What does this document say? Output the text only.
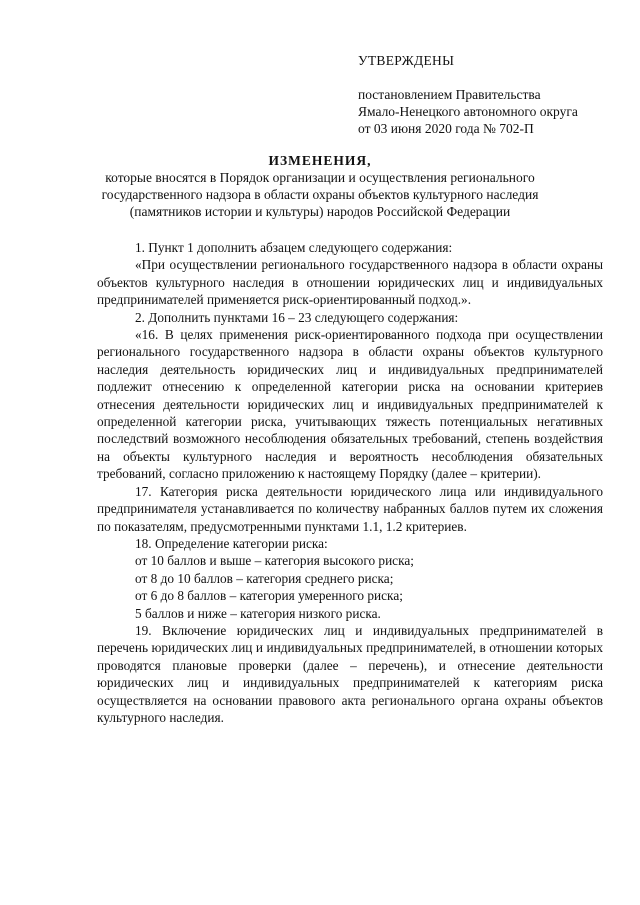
УТВЕРЖДЕНЫ
постановлением Правительства
Ямало-Ненецкого автономного округа
от 03 июня 2020 года № 702-П
ИЗМЕНЕНИЯ,
которые вносятся в Порядок организации и осуществления регионального государственного надзора в области охраны объектов культурного наследия (памятников истории и культуры) народов Российской Федерации

1. Пункт 1 дополнить абзацем следующего содержания:

«При осуществлении регионального государственного надзора в области охраны объектов культурного наследия в отношении юридических лиц и индивидуальных предпринимателей применяется риск-ориентированный подход.».

2. Дополнить пунктами 16 – 23 следующего содержания:

«16. В целях применения риск-ориентированного подхода при осуществлении регионального государственного надзора в области охраны объектов культурного наследия деятельность юридических лиц и индивидуальных предпринимателей подлежит отнесению к определенной категории риска на основании критериев отнесения деятельности юридических лиц и индивидуальных предпринимателей к определенной категории риска, учитывающих тяжесть потенциальных негативных последствий возможного несоблюдения обязательных требований, степень воздействия на объекты культурного наследия и вероятность несоблюдения обязательных требований, согласно приложению к настоящему Порядку (далее – критерии).

17. Категория риска деятельности юридического лица или индивидуального предпринимателя устанавливается по количеству набранных баллов путем их сложения по показателям, предусмотренными пунктами 1.1, 1.2 критериев.

18. Определение категории риска:

от 10 баллов и выше – категория высокого риска;

от 8 до 10 баллов – категория среднего риска;

от 6 до 8 баллов – категория умеренного риска;

5 баллов и ниже – категория низкого риска.

19. Включение юридических лиц и индивидуальных предпринимателей в перечень юридических лиц и индивидуальных предпринимателей, в отношении которых проводятся плановые проверки (далее – перечень), и отнесение деятельности юридических лиц и индивидуальных предпринимателей к категориям риска осуществляется на основании правового акта регионального органа охраны объектов культурного наследия.
